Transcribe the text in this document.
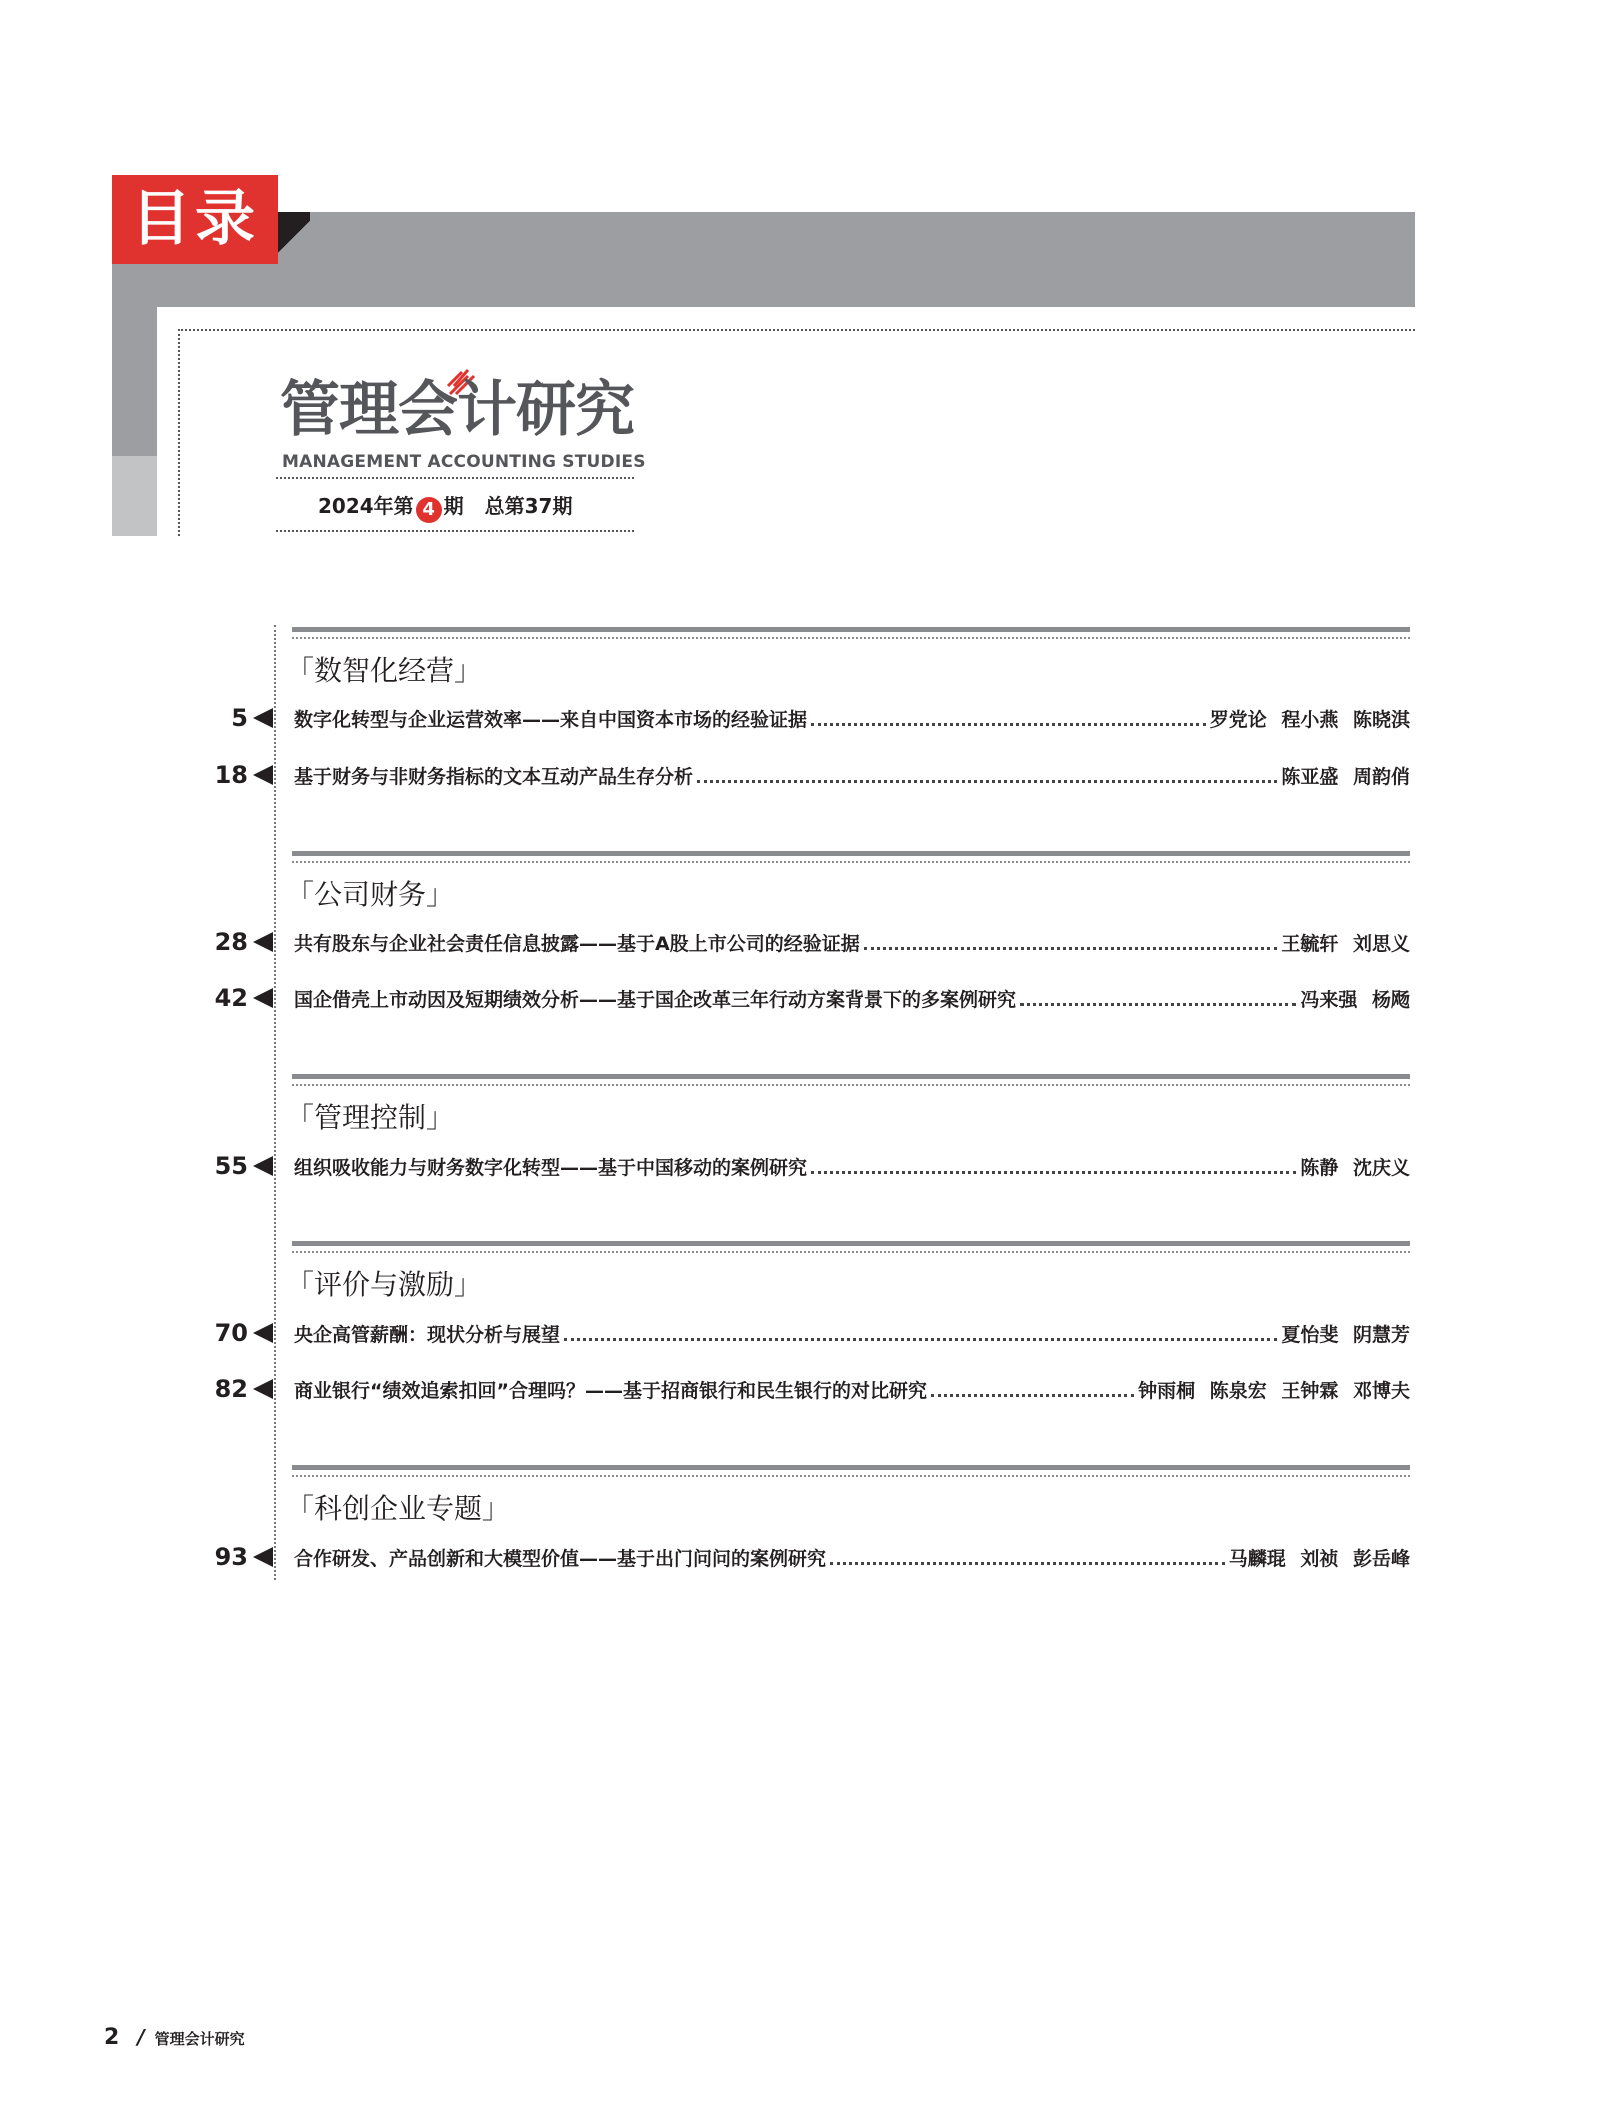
目录
管理会计研究
MANAGEMENT ACCOUNTING STUDIES
2024年第 4 期 总第37期
「数智化经营」
5 数字化转型与企业运营效率——来自中国资本市场的经验证据	罗党论 程小燕 陈晓淇
18 基于财务与非财务指标的文本互动产品生存分析	陈亚盛 周韵俏
「公司财务」
28 共有股东与企业社会责任信息披露——基于A股上市公司的经验证据	王毓轩 刘思义
42 国企借壳上市动因及短期绩效分析——基于国企改革三年行动方案背景下的多案例研究	冯来强 杨飏
「管理控制」
55 组织吸收能力与财务数字化转型——基于中国移动的案例研究	陈静 沈庆义
「评价与激励」
70 央企高管薪酬：现状分析与展望	夏怡斐 阴慧芳
82 商业银行“绩效追索扣回”合理吗？——基于招商银行和民生银行的对比研究	钟雨桐 陈泉宏 王钟霖 邓博夫
「科创企业专题」
93 合作研发、产品创新和大模型价值——基于出门问问的案例研究	马麟琨 刘祯 彭岳峰
2 / 管理会计研究
